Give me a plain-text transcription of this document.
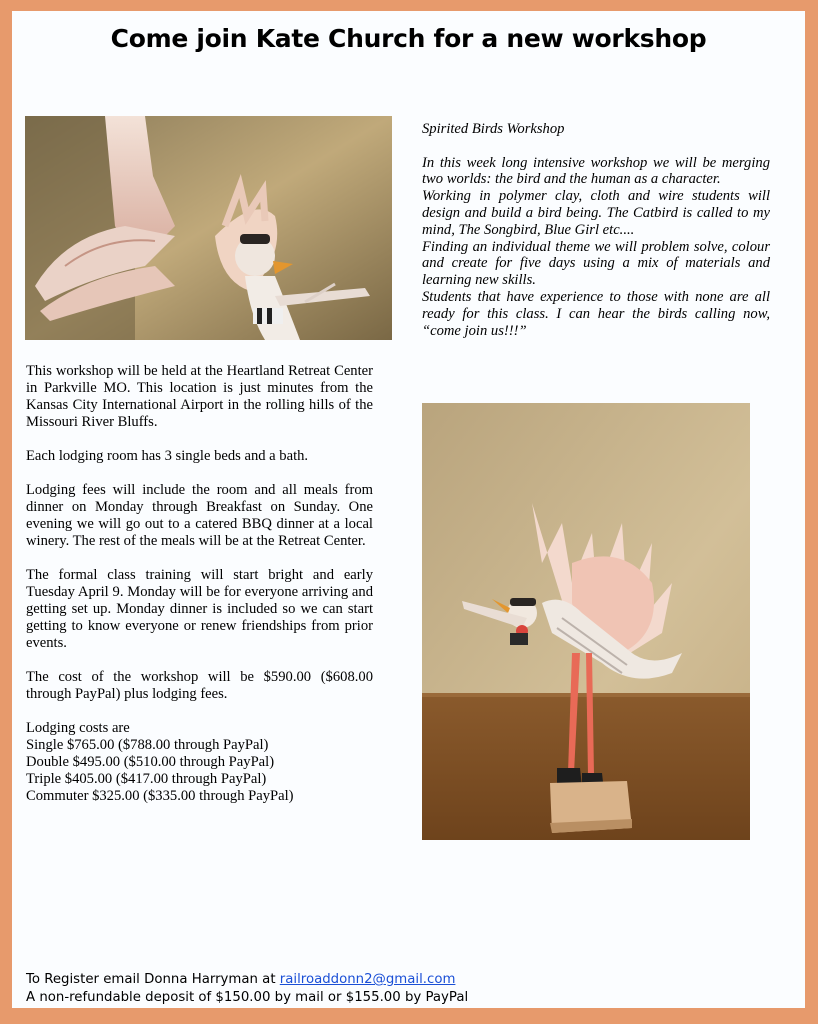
Come join Kate Church for a new workshop

Spirited Birds Workshop

In this week long intensive workshop we will be merging two worlds: the bird and the human as a character.

Working in polymer clay, cloth and wire students will design and build a bird being. The Catbird is called to my mind, The Songbird, Blue Girl etc....

Finding an individual theme we will problem solve, colour and create for five days using a mix of materials and learning new skills.

Students that have experience to those with none are all ready for this class. I can hear the birds calling now, “come join us!!!”

This workshop will be held at the Heartland Retreat Center in Parkville MO. This location is just minutes from the Kansas City International Airport in the rolling hills of the Missouri River Bluffs.

Each lodging room has 3 single beds and a bath.

Lodging fees will include the room and all meals from dinner on Monday through Breakfast on Sunday. One evening we will go out to a catered BBQ dinner at a local winery. The rest of the meals will be at the Retreat Center.

The formal class training will start bright and early Tuesday April 9. Monday will be for everyone arriving and getting set up. Monday dinner is included so we can start getting to know everyone or renew friendships from prior events.

The cost of the workshop will be $590.00 ($608.00 through PayPal) plus lodging fees.

Lodging costs are
Single $765.00 ($788.00 through PayPal)
Double $495.00 ($510.00 through PayPal)
Triple $405.00 ($417.00 through PayPal)
Commuter $325.00 ($335.00 through PayPal)

To Register email Donna Harryman at railroaddonn2@gmail.com
A non-refundable deposit of $150.00 by mail or $155.00 by PayPal
